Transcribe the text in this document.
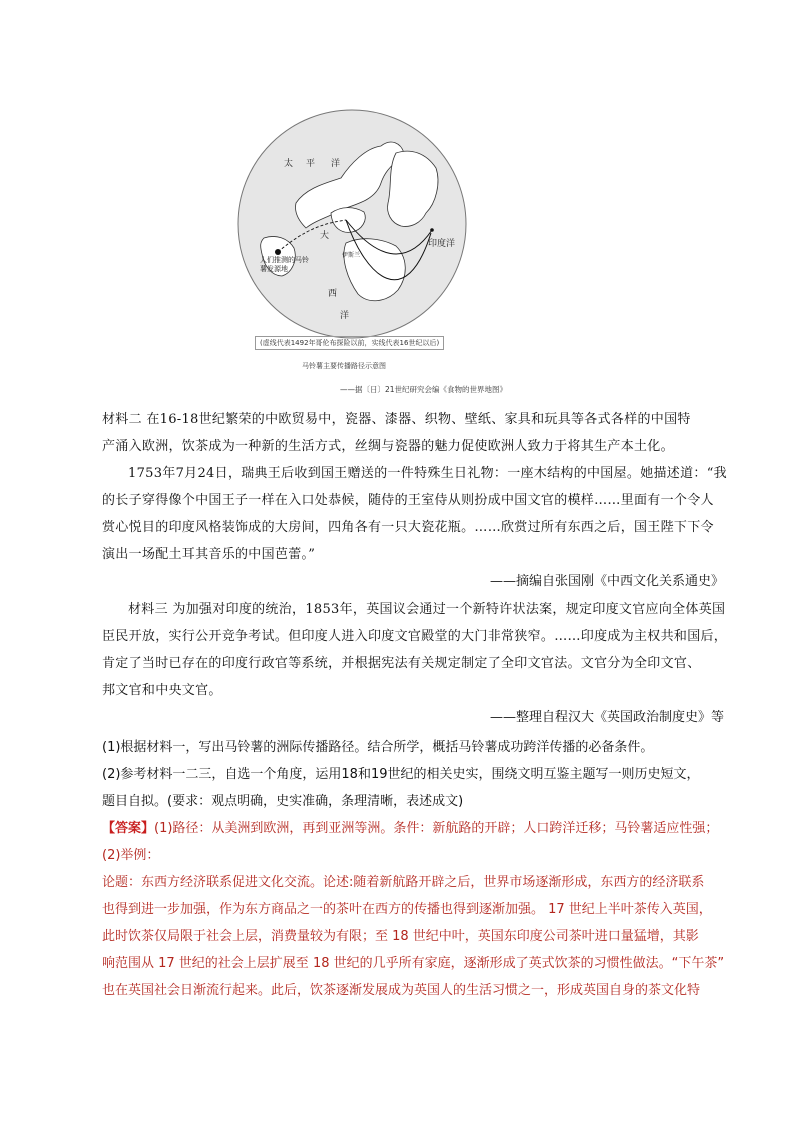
太 平 洋
大
西
洋
印度洋
人们推测的马铃薯发源地
伊斯兰
(虚线代表1492年哥伦布探险以前，实线代表16世纪以后)
马铃薯主要传播路径示意图
——据〔日〕21世纪研究会编《食物的世界地图》
材料二 在16-18世纪繁荣的中欧贸易中，瓷器、漆器、织物、壁纸、家具和玩具等各式各样的中国特
产涌入欧洲，饮茶成为一种新的生活方式，丝绸与瓷器的魅力促使欧洲人致力于将其生产本土化。
1753年7月24日，瑞典王后收到国王赠送的一件特殊生日礼物：一座木结构的中国屋。她描述道：“我
的长子穿得像个中国王子一样在入口处恭候，随侍的王室侍从则扮成中国文官的模样……里面有一个令人
赏心悦目的印度风格装饰成的大房间，四角各有一只大瓷花瓶。……欣赏过所有东西之后，国王陛下下令
演出一场配土耳其音乐的中国芭蕾。”
——摘编自张国刚《中西文化关系通史》
材料三 为加强对印度的统治，1853年，英国议会通过一个新特许状法案，规定印度文官应向全体英国
臣民开放，实行公开竞争考试。但印度人进入印度文官殿堂的大门非常狭窄。……印度成为主权共和国后，
肯定了当时已存在的印度行政官等系统，并根据宪法有关规定制定了全印文官法。文官分为全印文官、
邦文官和中央文官。
——整理自程汉大《英国政治制度史》等
(1)根据材料一，写出马铃薯的洲际传播路径。结合所学，概括马铃薯成功跨洋传播的必备条件。
(2)参考材料一二三，自选一个角度，运用18和19世纪的相关史实，围绕文明互鉴主题写一则历史短文，
题目自拟。(要求：观点明确，史实准确，条理清晰，表述成文)
【答案】(1)路径：从美洲到欧洲，再到亚洲等洲。条件：新航路的开辟；人口跨洋迁移；马铃薯适应性强；
(2)举例：
论题：东西方经济联系促进文化交流。论述:随着新航路开辟之后，世界市场逐渐形成，东西方的经济联系
也得到进一步加强，作为东方商品之一的茶叶在西方的传播也得到逐渐加强。 17 世纪上半叶茶传入英国，
此时饮茶仅局限于社会上层，消费量较为有限；至 18 世纪中叶，英国东印度公司茶叶进口量猛增，其影
响范围从 17 世纪的社会上层扩展至 18 世纪的几乎所有家庭，逐渐形成了英式饮茶的习惯性做法。“下午茶”
也在英国社会日渐流行起来。此后，饮茶逐渐发展成为英国人的生活习惯之一，形成英国自身的茶文化特
